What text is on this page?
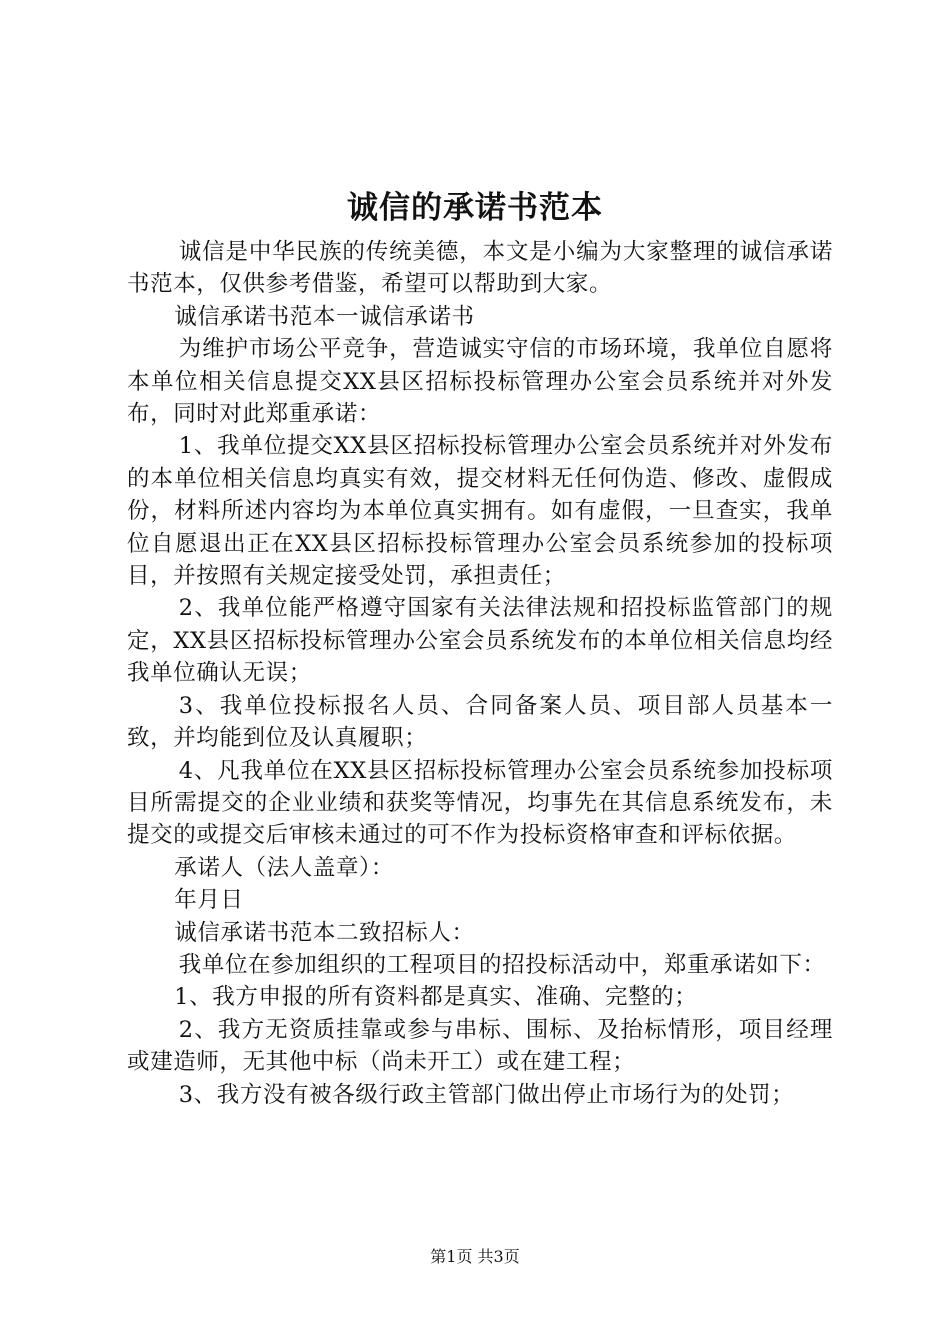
诚信的承诺书范本

诚信是中华民族的传统美德，本文是小编为大家整理的诚信承诺书范本，仅供参考借鉴，希望可以帮助到大家。

诚信承诺书范本一诚信承诺书

为维护市场公平竞争，营造诚实守信的市场环境，我单位自愿将本单位相关信息提交XX县区招标投标管理办公室会员系统并对外发布，同时对此郑重承诺：

1、我单位提交XX县区招标投标管理办公室会员系统并对外发布的本单位相关信息均真实有效，提交材料无任何伪造、修改、虚假成份，材料所述内容均为本单位真实拥有。如有虚假，一旦查实，我单位自愿退出正在XX县区招标投标管理办公室会员系统参加的投标项目，并按照有关规定接受处罚，承担责任；

2、我单位能严格遵守国家有关法律法规和招投标监管部门的规定，XX县区招标投标管理办公室会员系统发布的本单位相关信息均经我单位确认无误；

3、我单位投标报名人员、合同备案人员、项目部人员基本一致，并均能到位及认真履职；

4、凡我单位在XX县区招标投标管理办公室会员系统参加投标项目所需提交的企业业绩和获奖等情况，均事先在其信息系统发布，未提交的或提交后审核未通过的可不作为投标资格审查和评标依据。

承诺人（法人盖章）：

年月日

诚信承诺书范本二致招标人：

我单位在参加组织的工程项目的招投标活动中，郑重承诺如下：

1、我方申报的所有资料都是真实、准确、完整的；

2、我方无资质挂靠或参与串标、围标、及抬标情形，项目经理或建造师，无其他中标（尚未开工）或在建工程；

3、我方没有被各级行政主管部门做出停止市场行为的处罚；

第1页 共3页
